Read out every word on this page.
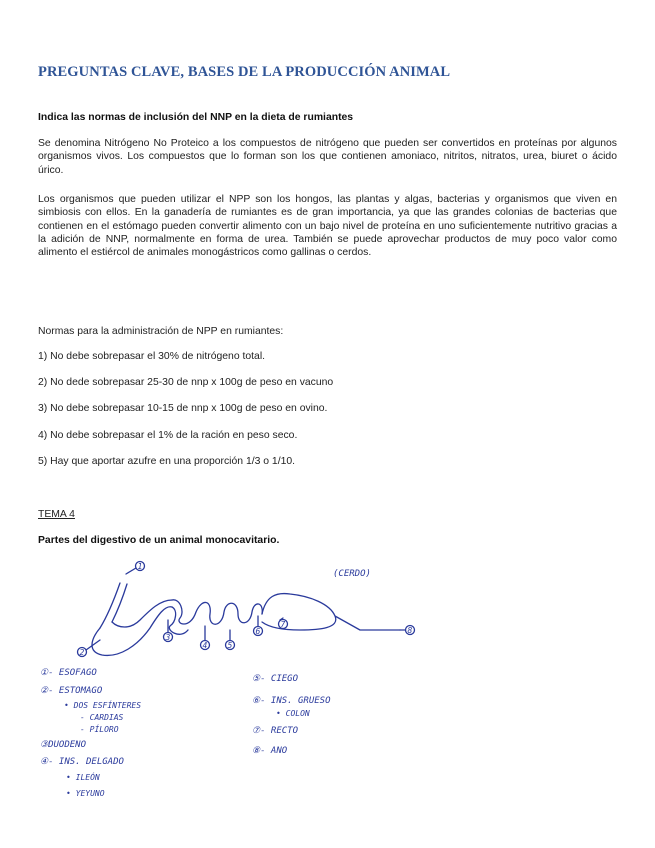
PREGUNTAS CLAVE, BASES DE LA PRODUCCIÓN ANIMAL
Indica las normas de inclusión del NNP en la dieta de rumiantes
Se denomina Nitrógeno No Proteico a los compuestos de nitrógeno que pueden ser convertidos en proteínas por algunos organismos vivos. Los compuestos que lo forman son los que contienen amoniaco, nitritos, nitratos, urea, biuret o ácido úrico.
Los organismos que pueden utilizar el NPP son los hongos, las plantas y algas, bacterias y organismos que viven en simbiosis con ellos. En la ganadería de rumiantes es de gran importancia, ya que las grandes colonias de bacterias que contienen en el estómago pueden convertir alimento con un bajo nivel de proteína en uno suficientemente nutritivo gracias a la adición de NNP, normalmente en forma de urea. También se puede aprovechar productos de muy poco valor como alimento el estiércol de animales monogástricos como gallinas o cerdos.
Normas para la administración de NPP en rumiantes:
1) No debe sobrepasar el 30% de nitrógeno total.
2) No dede sobrepasar 25-30 de nnp x 100g de peso en vacuno
3) No debe sobrepasar 10-15 de nnp x 100g de peso en ovino.
4) No debe sobrepasar el 1% de la ración en peso seco.
5) Hay que aportar azufre en una proporción 1/3 o 1/10.
TEMA 4
Partes del digestivo de un animal monocavitario.
1
2
3
4	5
6
7
8
(CERDO)
①- ESOFAGO
②- ESTOMAGO
• DOS ESFÍNTERES
- CARDIAS
- PÍLORO
③DUODENO
④- INS. DELGADO
• ILEÓN
• YEYUNO
⑤- CIEGO
⑥- INS. GRUESO
• COLON
⑦- RECTO
⑧- ANO
